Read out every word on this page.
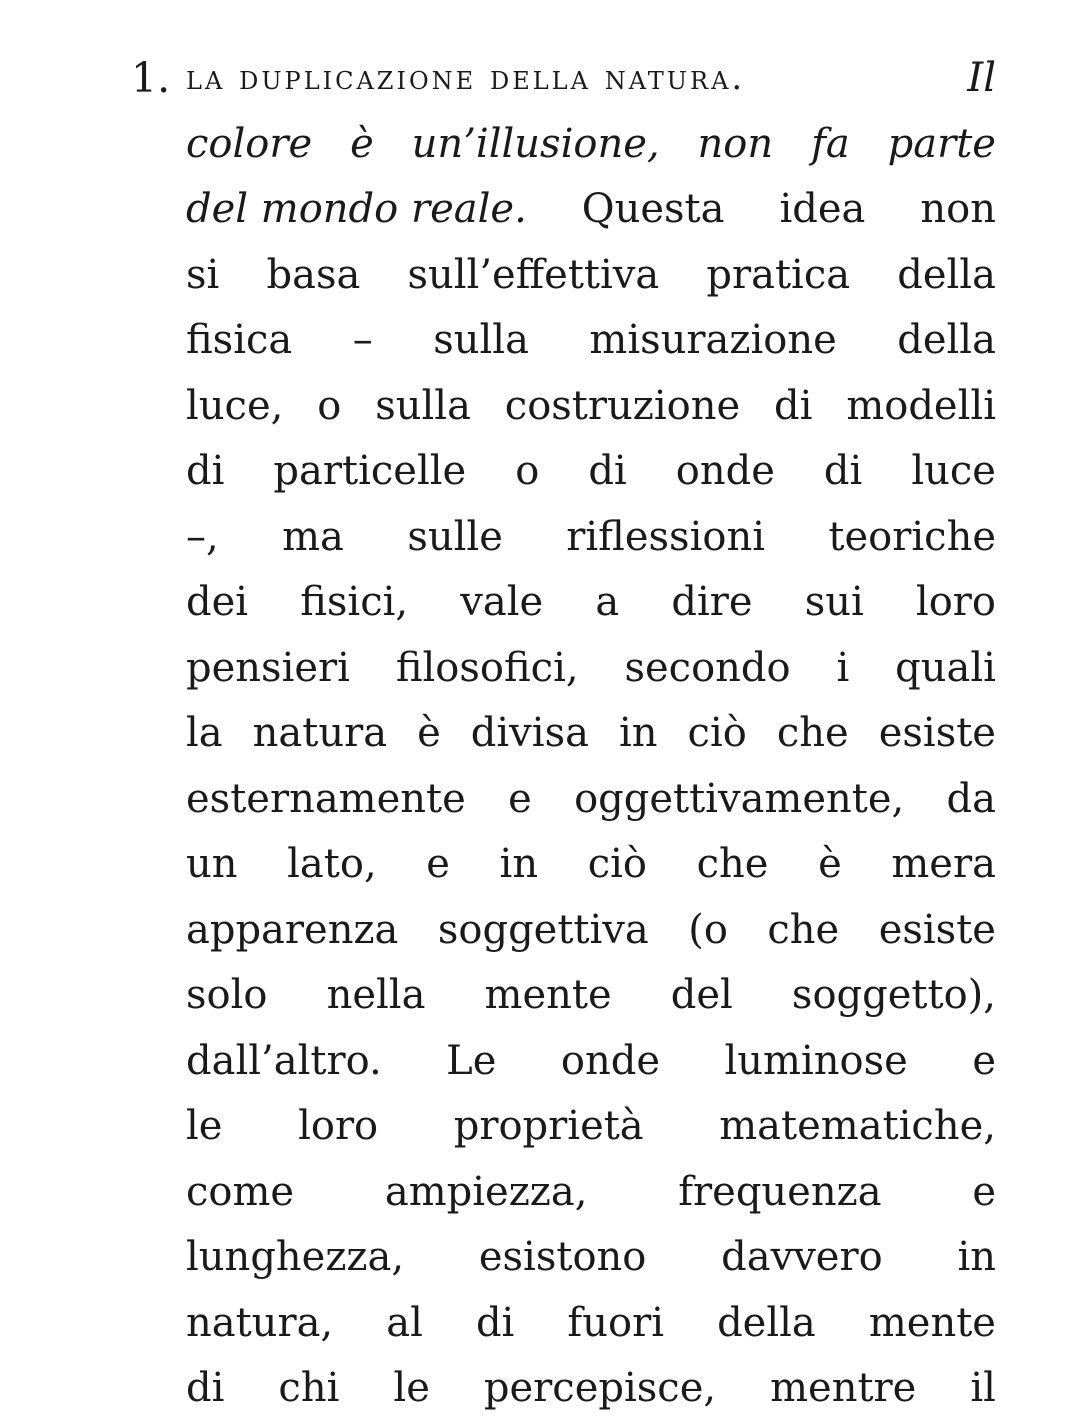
1. la duplicazione della natura.	Il
colore è un’illusione, non fa parte
del mondo reale. Questa idea non
si basa sull’effettiva pratica della
fisica – sulla misurazione della
luce, o sulla costruzione di modelli
di particelle o di onde di luce
–, ma sulle riflessioni teoriche
dei fisici, vale a dire sui loro
pensieri filosofici, secondo i quali
la natura è divisa in ciò che esiste
esternamente e oggettivamente, da
un lato, e in ciò che è mera
apparenza soggettiva (o che esiste
solo nella mente del soggetto),
dall’altro. Le onde luminose e
le loro proprietà matematiche,
come ampiezza, frequenza e
lunghezza, esistono davvero in
natura, al di fuori della mente
di chi le percepisce, mentre il
